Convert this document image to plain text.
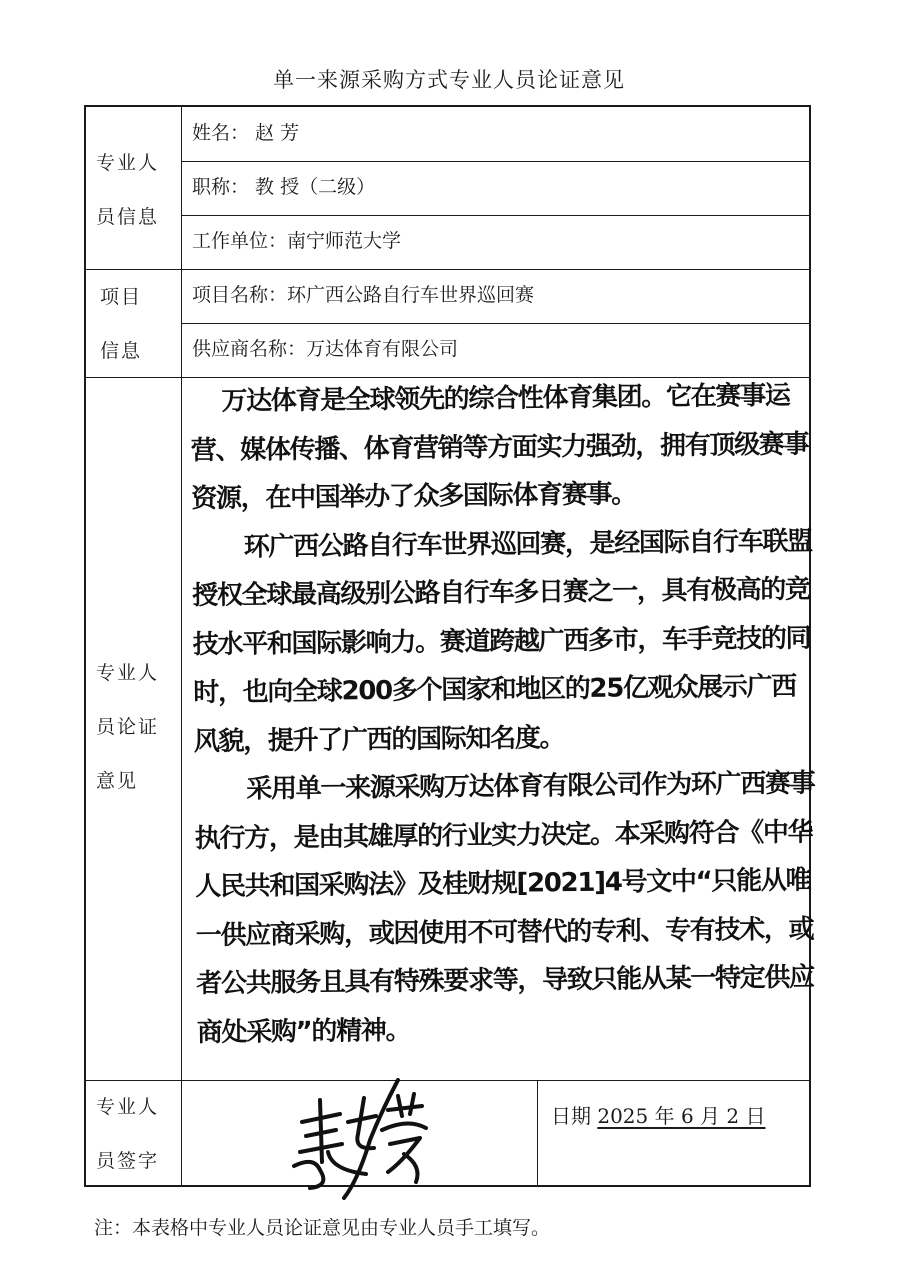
单一来源采购方式专业人员论证意见
专业人
员信息
姓名： 赵 芳
职称： 教 授（二级）
工作单位：南宁师范大学
项目
信息
项目名称：环广西公路自行车世界巡回赛
供应商名称：万达体育有限公司
专业人
员论证
意见

万达体育是全球领先的综合性体育集团。它在赛事运营、媒体传播、体育营销等方面实力强劲，拥有顶级赛事资源，在中国举办了众多国际体育赛事。

环广西公路自行车世界巡回赛，是经国际自行车联盟授权全球最高级别公路自行车多日赛之一，具有极高的竞技水平和国际影响力。赛道跨越广西多市，车手竞技的同时，也向全球200多个国家和地区的25亿观众展示广西风貌，提升了广西的国际知名度。

采用单一来源采购万达体育有限公司作为环广西赛事执行方，是由其雄厚的行业实力决定。本采购符合《中华人民共和国采购法》及桂财规[2021]4号文中“只能从唯一供应商采购，或因使用不可替代的专利、专有技术，或者公共服务且具有特殊要求等，导致只能从某一特定供应商处采购”的精神。

专业人
员签字
日期 2025 年 6 月 2 日
注：本表格中专业人员论证意见由专业人员手工填写。
